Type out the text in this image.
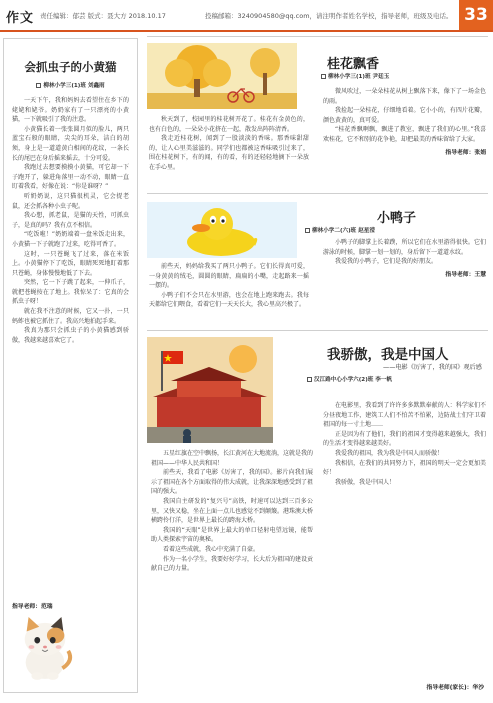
作文 责任编辑：郁芸 版式：聂大方 2018.10.17	投稿邮箱：3240904580@qq.com，请注明作者姓名学校，指导老师，班级及电话。 33
会抓虫子的小黄猫
柳林小学三(1)班 刘鑫雨

一天下午，我和妈妈去看望住在乡下的姥姥和姥爷。奶奶家有了一只漂亮的小黄猫，一下就吸引了我的注意。

小黄猫长着一张张圆月似的脸儿，两只蓝宝石般的眼睛，尖尖的耳朵，洁白的胡须，身上是一道道黄白相间的花纹，一条长长的尾巴在身后摇来摇去，十分可爱。

我跑过去想要摸摸小黄猫，可它却一下子跑开了，躲进角落里一动不动，眼睛一直盯着我看，好像在说：“你是谁呀？”

听奶奶说，这只猫很机灵，它会捉老鼠，还会抓各种小虫子呢。

我心想，抓老鼠，是猫的天性，可抓虫子，是真的吗？我有点不相信。

“吃饭啦！”奶奶端着一盘米饭走出来，小黄猫一下子就跑了过来，吃得可香了。

这时，一只苍蝇飞了过来，落在米饭上。小黄猫停下了吃饭，眼睛死死地盯着那只苍蝇，身体慢慢地低了下去。

突然，它一下子跳了起来，一伸爪子，就把苍蝇按在了地上。我惊呆了：它真的会抓虫子呀！

就在我不注意的时候，它又一扑，一只蚂蚱也被它抓住了。我高兴地拍起手来。

我真为那只会抓虫子的小黄猫感到骄傲，我越来越喜欢它了。

指导老师：范瑞
桂花飘香
柳林小学三(1)班 尹廷玉

秋天到了，校园里的桂花树开花了。桂花有金黄色的，也有白色的，一朵朵小花挤在一起，散发出阵阵清香。

我走近桂花树，闻到了一股淡淡的香味。那香味甜甜的，让人心里美滋滋的。同学们也都被这香味吸引过来了，围在桂花树下，有的闻，有的看，有的还轻轻地摘下一朵放在手心里。

微风吹过，一朵朵桂花从树上飘落下来，像下了一场金色的雨。

我捡起一朵桂花，仔细地看着。它小小的，有四片花瓣，颜色黄黄的，真可爱。

“桂花香飘啊飘，飘进了教室，飘进了我们的心里。”我喜欢桂花，它不和别的花争艳，却把最美的香味留给了大家。

指导老师：张娟
小鸭子
柳林小学二(六)班 赵星滢

前些天，妈妈给我买了两只小鸭子。它们长得真可爱，一身黄黄的绒毛，圆圆的眼睛，扁扁的小嘴，走起路来一摇一摆的。

小鸭子们不会只在水里游，也会在地上跑来跑去。我每天都给它们喂食，看着它们一天天长大，我心里高兴极了。

小鸭子的脚掌上长着蹼，所以它们在水里游得很快。它们游泳的时候，脚掌一划一划的，身后留下一道道水纹。

我爱我的小鸭子，它们是我的好朋友。

指导老师：王慧
我骄傲，我是中国人
——电影《厉害了，我的国》观后感
汉江路中心小学六(2)班 李一帆

五星红旗在空中飘扬，长江黄河在大地流淌，这就是我的祖国——中华人民共和国！

前些天，我看了电影《厉害了，我的国》。影片向我们展示了祖国在各个方面取得的伟大成就，让我深深地感受到了祖国的强大。

我国自主研发的“复兴号”高铁，时速可以达到三百多公里，又快又稳，坐在上面一点儿也感觉不到颠簸。港珠澳大桥横跨伶仃洋，是世界上最长的跨海大桥。

我国的“天眼”是世界上最大的单口径射电望远镜，能帮助人类探索宇宙的奥秘。

看着这些成就，我心中充满了自豪。

作为一名小学生，我要好好学习，长大后为祖国的建设贡献自己的力量。

在电影里，我看到了许许多多默默奉献的人：科学家们不分昼夜地工作，建筑工人们不怕苦不怕累，边防战士们守卫着祖国的每一寸土地……

正是因为有了他们，我们的祖国才变得越来越强大，我们的生活才变得越来越美好。

我爱我的祖国，我为我是中国人而骄傲！

我相信，在我们的共同努力下，祖国的明天一定会更加美好！

我骄傲，我是中国人！

指导老师(家长)：华沙
